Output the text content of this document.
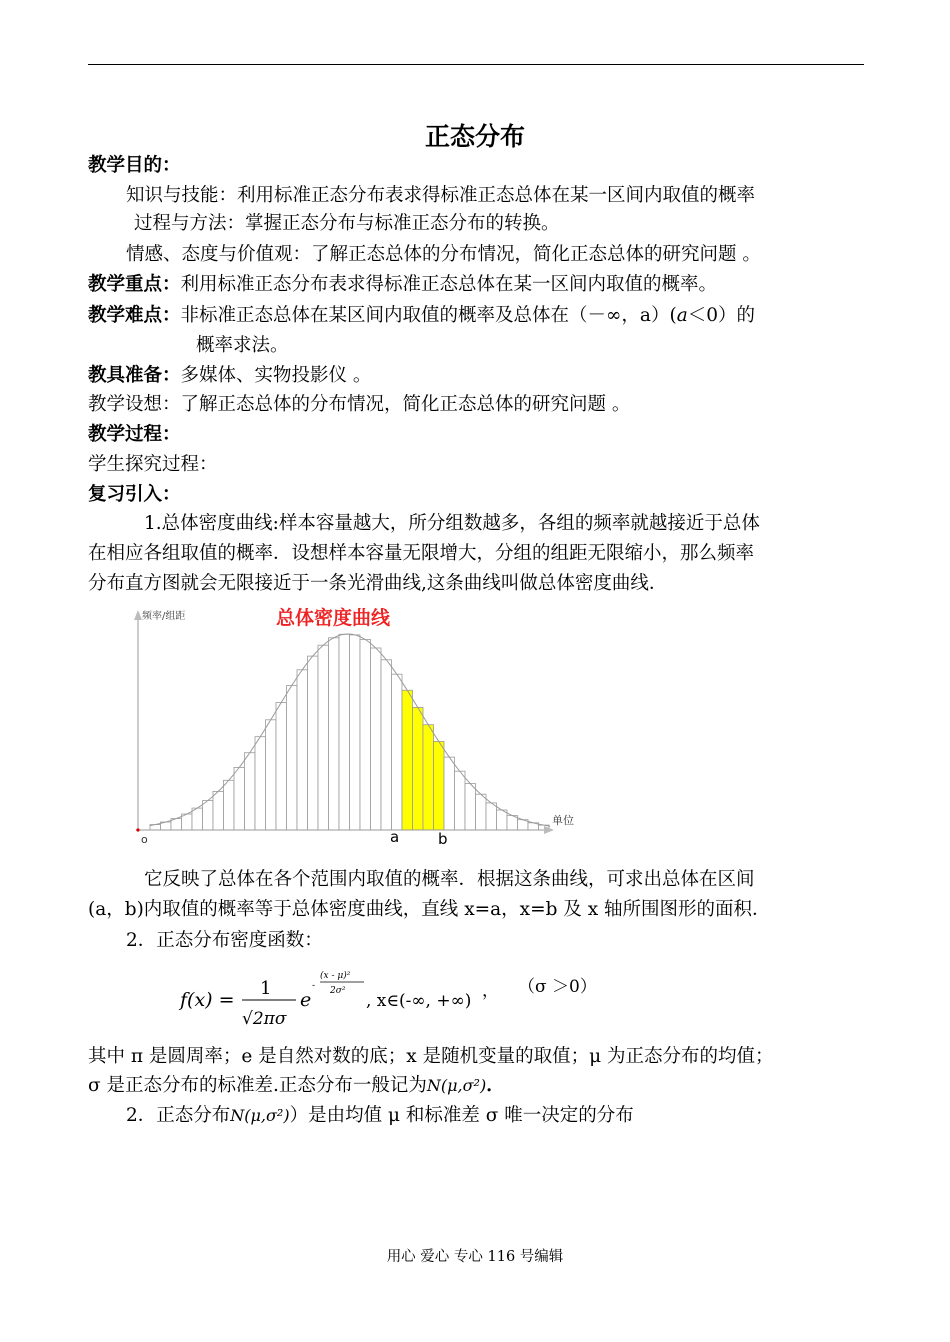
正态分布
教学目的：
知识与技能：利用标准正态分布表求得标准正态总体在某一区间内取值的概率
过程与方法：掌握正态分布与标准正态分布的转换。
情感、态度与价值观：了解正态总体的分布情况，简化正态总体的研究问题 。
教学重点：利用标准正态分布表求得标准正态总体在某一区间内取值的概率。
教学难点：非标准正态总体在某区间内取值的概率及总体在（－∞，a）(a＜0）的
概率求法。
教具准备：多媒体、实物投影仪 。
教学设想：了解正态总体的分布情况，简化正态总体的研究问题 。
教学过程：
学生探究过程：
复习引入：
1.总体密度曲线:样本容量越大，所分组数越多，各组的频率就越接近于总体
在相应各组取值的概率．设想样本容量无限增大，分组的组距无限缩小，那么频率
分布直方图就会无限接近于一条光滑曲线,这条曲线叫做总体密度曲线．
频率/组距	总体密度曲线
单位
o	a	b
它反映了总体在各个范围内取值的概率．根据这条曲线，可求出总体在区间
(a，b)内取值的概率等于总体密度曲线，直线 x=a，x=b 及 x 轴所围图形的面积．
2．正态分布密度函数：
f(x) =
1
√2πσ
e
-
(x - μ)²
2σ² , x∈(-∞, +∞) ， （σ ＞0）
其中 π 是圆周率；e 是自然对数的底；x 是随机变量的取值；μ 为正态分布的均值；
σ 是正态分布的标准差.正态分布一般记为N(μ,σ²)．
2．正态分布N(μ,σ²)）是由均值 μ 和标准差 σ 唯一决定的分布
用心 爱心 专心 116 号编辑
